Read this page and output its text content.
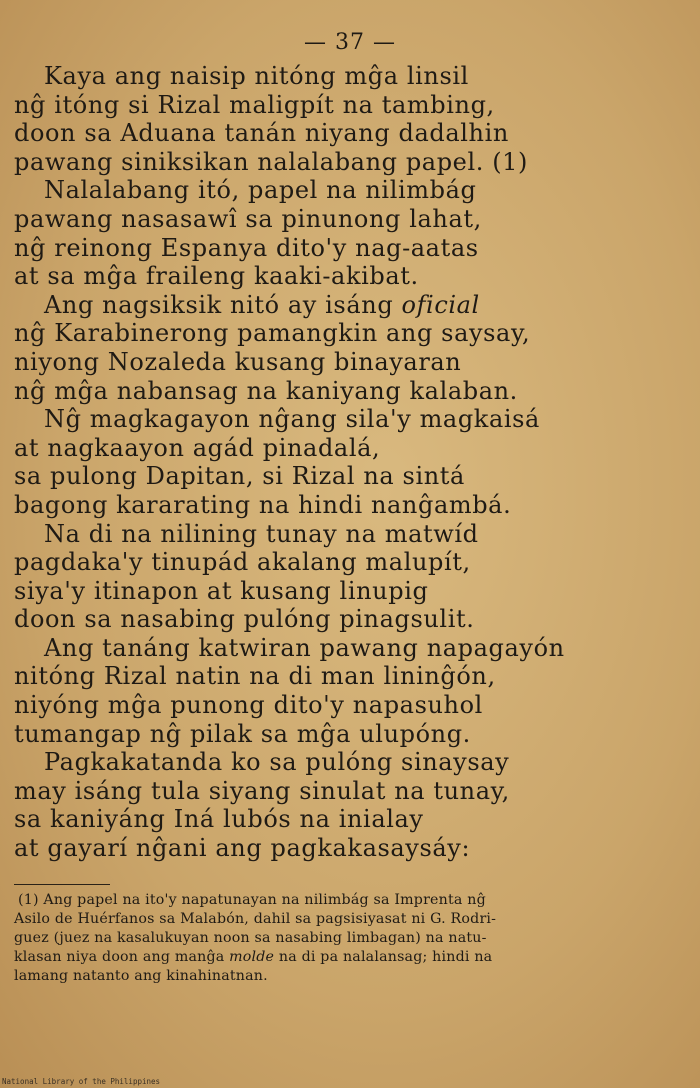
— 37 —
Kaya ang naisip nitóng mĝa linsil
nĝ itóng si Rizal maligpít na tambing,
doon sa Aduana tanán niyang dadalhin
pawang siniksikan nalalabang papel. (1)
Nalalabang itó, papel na nilimbág
pawang nasasawî sa pinunong lahat,
nĝ reinong Espanya dito'y nag-aatas
at sa mĝa fraileng kaaki-akibat.
Ang nagsiksik nitó ay isáng oficial
nĝ Karabinerong pamangkin ang saysay,
niyong Nozaleda kusang binayaran
nĝ mĝa nabansag na kaniyang kalaban.
Nĝ magkagayon nĝang sila'y magkaisá
at nagkaayon agád pinadalá,
sa pulong Dapitan, si Rizal na sintá
bagong kararating na hindi nanĝambá.
Na di na nilining tunay na matwíd
pagdaka'y tinupád akalang malupít,
siya'y itinapon at kusang linupig
doon sa nasabing pulóng pinagsulit.
Ang tanáng katwiran pawang napagayón
nitóng Rizal natin na di man lininĝón,
niyóng mĝa punong dito'y napasuhol
tumangap nĝ pilak sa mĝa ulupóng.
Pagkakatanda ko sa pulóng sinaysay
may isáng tula siyang sinulat na tunay,
sa kaniyáng Iná lubós na inialay
at gayarí nĝani ang pagkakasaysáy:
(1) Ang papel na ito'y napatunayan na nilimbág sa Imprenta nĝ
Asilo de Huérfanos sa Malabón, dahil sa pagsisiyasat ni G. Rodri-
guez (juez na kasalukuyan noon sa nasabing limbagan) na natu-
klasan niya doon ang manĝa molde na di pa nalalansag; hindi na
lamang natanto ang kinahinatnan.
National Library of the Philippines
